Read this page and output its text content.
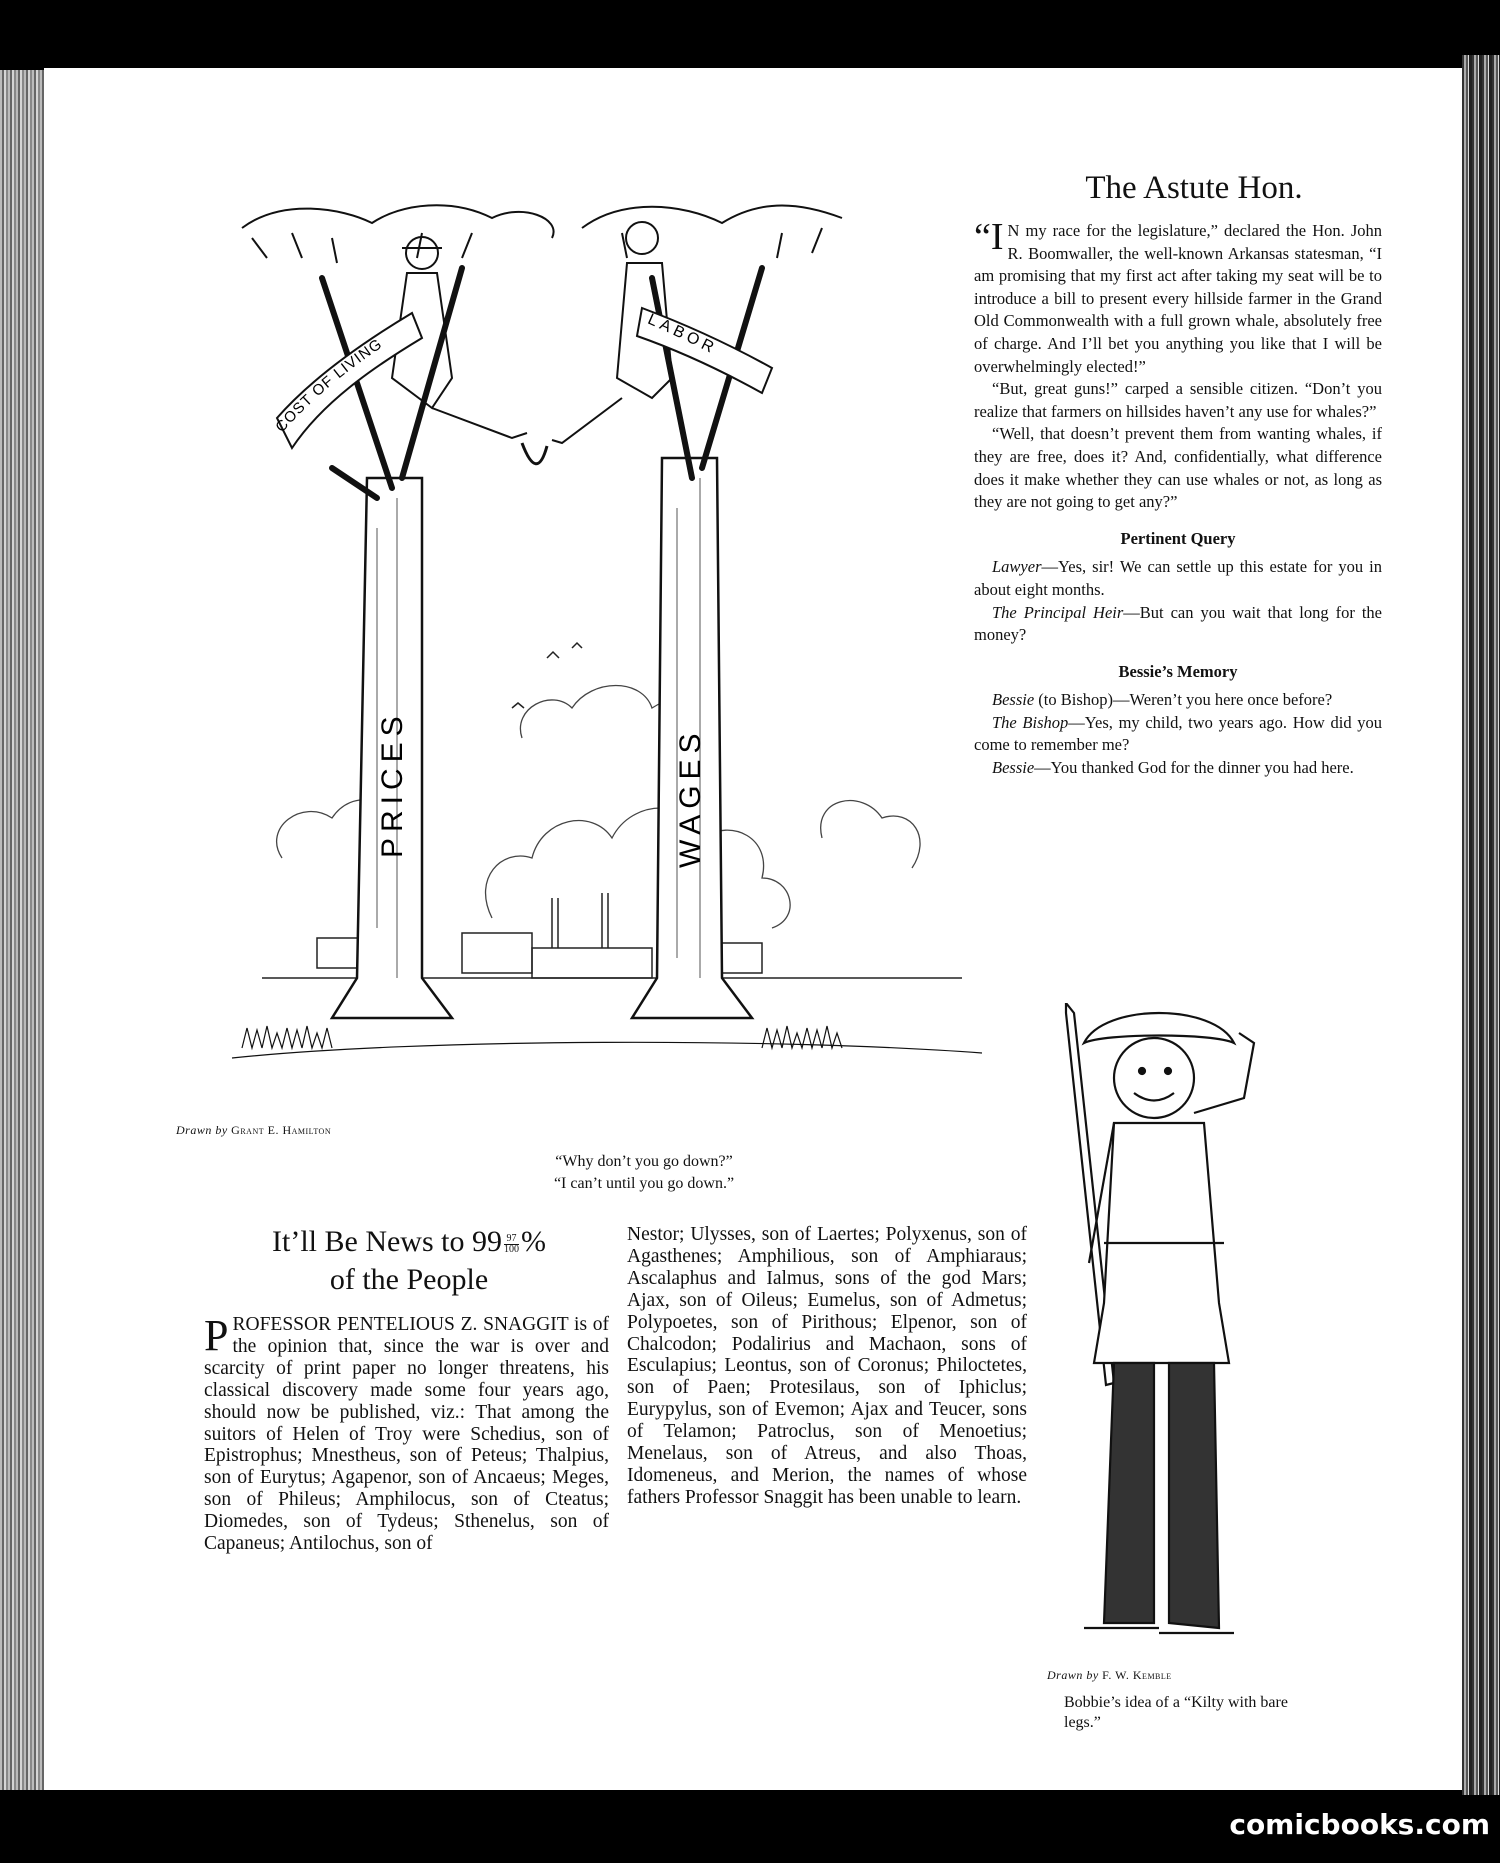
COST OF LIVING
LABOR
PRICES	WAGES
Drawn by Grant E. Hamilton
“Why don’t you go down?”
“I can’t until you go down.”
The Astute Hon.

“I N my race for the legislature,” declared the Hon. John R. Boomwaller, the well-known Arkansas statesman, “I am promising that my first act after taking my seat will be to introduce a bill to present every hillside farmer in the Grand Old Commonwealth with a full grown whale, absolutely free of charge. And I’ll bet you anything you like that I will be overwhelmingly elected!”

“But, great guns!” carped a sensible citizen. “Don’t you realize that farmers on hillsides haven’t any use for whales?”

“Well, that doesn’t prevent them from wanting whales, if they are free, does it? And, confidentially, what difference does it make whether they can use whales or not, as long as they are not going to get any?”

Pertinent Query

Lawyer—Yes, sir! We can settle up this estate for you in about eight months.

The Principal Heir—But can you wait that long for the money?

Bessie’s Memory

Bessie (to Bishop)—Weren’t you here once before?

The Bishop—Yes, my child, two years ago. How did you come to remember me?

Bessie—You thanked God for the dinner you had here.

It’ll Be News to $99 \frac{97}{100}$ %
of the People
PROFESSOR PENTELIOUS Z. SNAGGIT is of the opinion that, since the war is over and scarcity of print paper no longer threatens, his classical discovery made some four years ago, should now be published, viz.: That among the suitors of Helen of Troy were Schedius, son of Epistrophus; Mnestheus, son of Peteus; Thalpius, son of Eurytus; Agapenor, son of Ancaeus; Meges, son of Phileus; Amphilocus, son of Cteatus; Diomedes, son of Tydeus; Sthenelus, son of Capaneus; Antilochus, son of
Nestor; Ulysses, son of Laertes; Polyxenus, son of Agasthenes; Amphilious, son of Amphiaraus; Ascalaphus and Ialmus, sons of the god Mars; Ajax, son of Oileus; Eumelus, son of Admetus; Polypoetes, son of Pirithous; Elpenor, son of Chalcodon; Podalirius and Machaon, sons of Esculapius; Leontus, son of Coronus; Philoctetes, son of Paen; Protesilaus, son of Iphiclus; Eurypylus, son of Evemon; Ajax and Teucer, sons of Telamon; Patroclus, son of Menoetius; Menelaus, son of Atreus, and also Thoas, Idomeneus, and Merion, the names of whose fathers Professor Snaggit has been unable to learn.
Drawn by F. W. Kemble
Bobbie’s idea of a “Kilty with bare legs.”
comicbooks.com
